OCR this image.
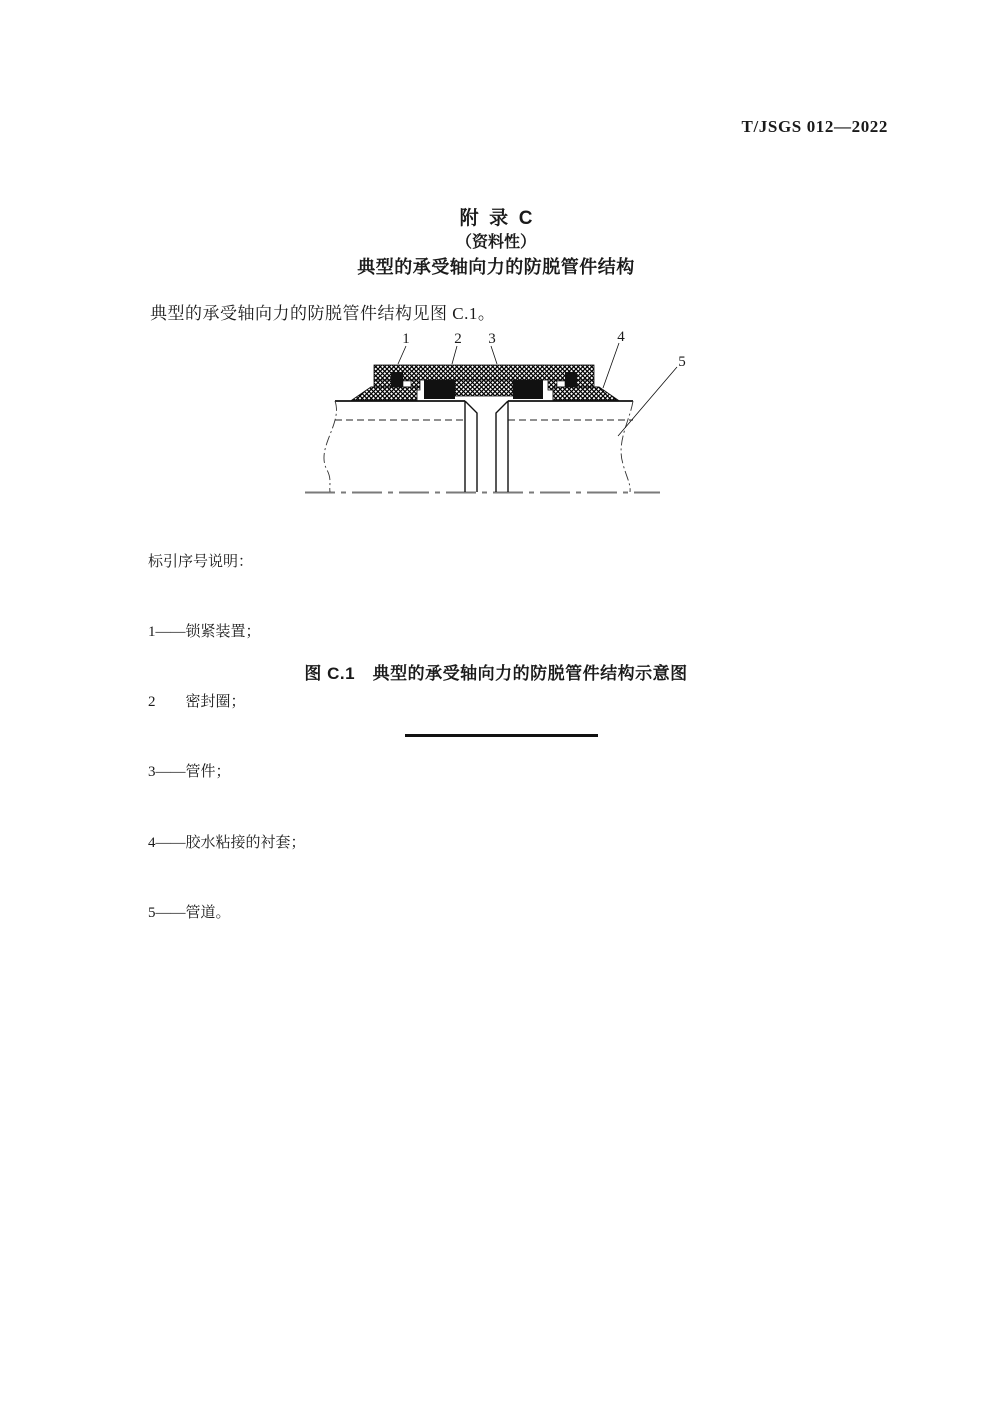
T/JSGS 012—2022
附  录  C
（资料性）
典型的承受轴向力的防脱管件结构
典型的承受轴向力的防脱管件结构见图 C.1。
1	2 3	4
5

标引序号说明：

1——锁紧装置；

2　　 密封圈；

3——管件；

4——胶水粘接的衬套；

5——管道。

图 C.1　典型的承受轴向力的防脱管件结构示意图
